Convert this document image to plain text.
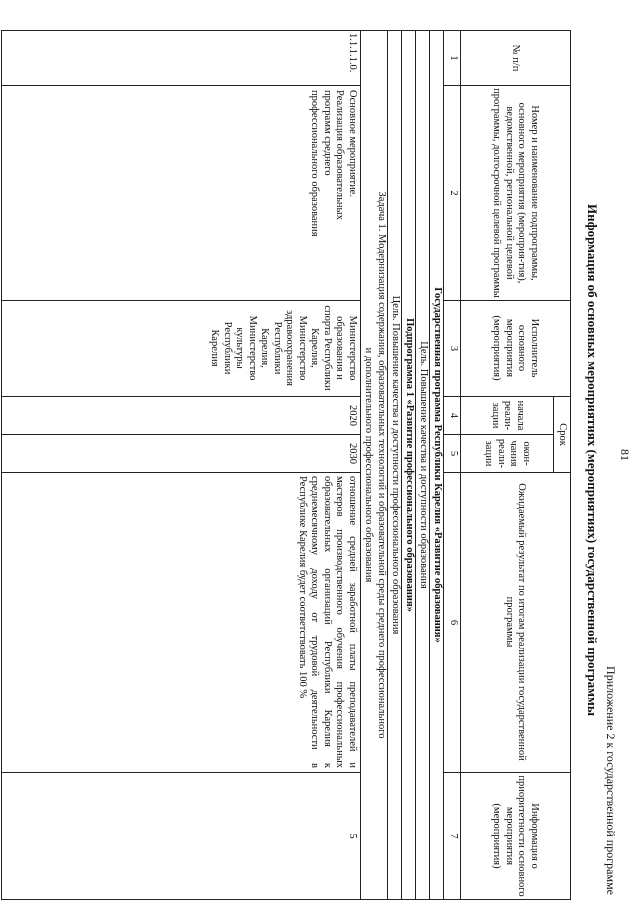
81
Приложение 2 к государственной программе
Информация об основных мероприятиях (мероприятиях) государственной программы
№ п/п
Номер и наименование подпрограммы, основного мероприятия (мероприя-тия), ведомственной, региональной целевой программы, долгосрочной целевой программы
Исполнитель основного мероприятия (мероприятия)
Срок
начала реали-зации
окон-чания реали-зации
Ожидаемый результат по итогам реализации государственной программы
Информация о приоритетности основного мероприятия (мероприятия)
1
2
3
4
5
6
7
Государственная программа Республики Карелия «Развитие образования»
Цель. Повышение качества и доступности образования
Подпрограмма 1 «Развитие профессионального образования»
Цель. Повышение качества и доступности профессионального образования
Задача 1. Модернизация содержания, образовательных технологий и образовательной среды среднего профессионального
и дополнительного профессионального образования
1.1.1.1.0.
Основное мероприятие. Реализация образовательных программ среднего профессионального образования
Министерство образования и спорта Республики Карелия, Министерство здравоохранения Республики Карелия, Министерство культуры Республики Карелия
2020
2030
отношение средней заработной платы преподавателей и мастеров производственного обучения профессиональных образовательных организаций Республики Карелия к среднемесячному доходу от трудовой деятельности в Республике Карелия будет соответствовать 100 %
5
